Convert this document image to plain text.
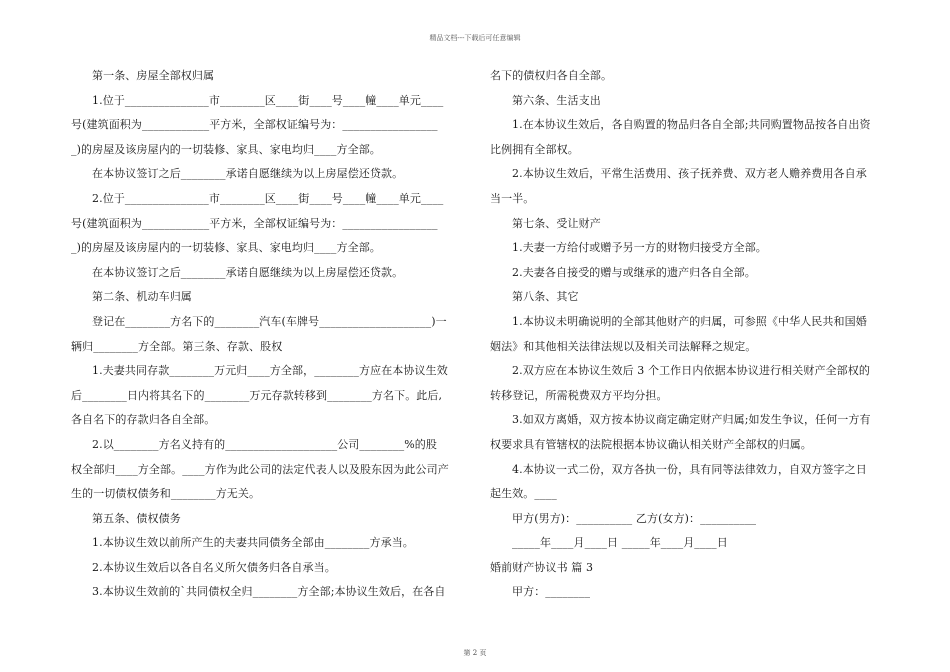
精品文档---下载后可任意编辑

第一条、房屋全部权归属

1.位于_______________市________区____街____号____幢____单元____

号(建筑面积为____________平方米，全部权证编号为：_________________

_)的房屋及该房屋内的一切装修、家具、家电均归____方全部。

在本协议签订之后________承诺自愿继续为以上房屋偿还贷款。

2.位于_______________市________区____街____号____幢____单元____

号(建筑面积为____________平方米，全部权证编号为：_________________

_)的房屋及该房屋内的一切装修、家具、家电均归____方全部。

在本协议签订之后________承诺自愿继续为以上房屋偿还贷款。

第二条、机动车归属

登记在________方名下的________汽车(车牌号____________________)一

辆归________方全部。第三条、存款、股权

1.夫妻共同存款________万元归____方全部，________方应在本协议生效

后________日内将其名下的________万元存款转移到________方名下。此后,

各自名下的存款归各自全部。

2.以________方名义持有的____________________公司________%的股

权全部归____方全部。____方作为此公司的法定代表人以及股东因为此公司产

生的一切债权债务和________方无关。

第五条、债权债务

1.本协议生效以前所产生的夫妻共同债务全部由________方承当。

2.本协议生效后以各自名义所欠债务归各自承当。

3.本协议生效前的`共同债权全归________方全部;本协议生效后，在各自

名下的债权归各自全部。

第六条、生活支出

1.在本协议生效后，各自购置的物品归各自全部;共同购置物品按各自出资

比例拥有全部权。

2.本协议生效后，平常生活费用、孩子抚养费、双方老人赡养费用各自承

当一半。

第七条、受让财产

1.夫妻一方给付或赠予另一方的财物归接受方全部。

2.夫妻各自接受的赠与或继承的遗产归各自全部。

第八条、其它

1.本协议未明确说明的全部其他财产的归属，可参照《中华人民共和国婚

姻法》和其他相关法律法规以及相关司法解释之规定。

2.双方应在本协议生效后 3 个工作日内依据本协议进行相关财产全部权的

转移登记，所需税费双方平均分担。

3.如双方离婚，双方按本协议商定确定财产归属;如发生争议，任何一方有

权要求具有管辖权的法院根据本协议确认相关财产全部权的归属。

4.本协议一式二份，双方各执一份，具有同等法律效力，自双方签字之日

起生效。____

甲方(男方)：__________ 乙方(女方)：__________

_____年____月____日 _____年____月____日

婚前财产协议书 篇 3

甲方：________

第 2 页
